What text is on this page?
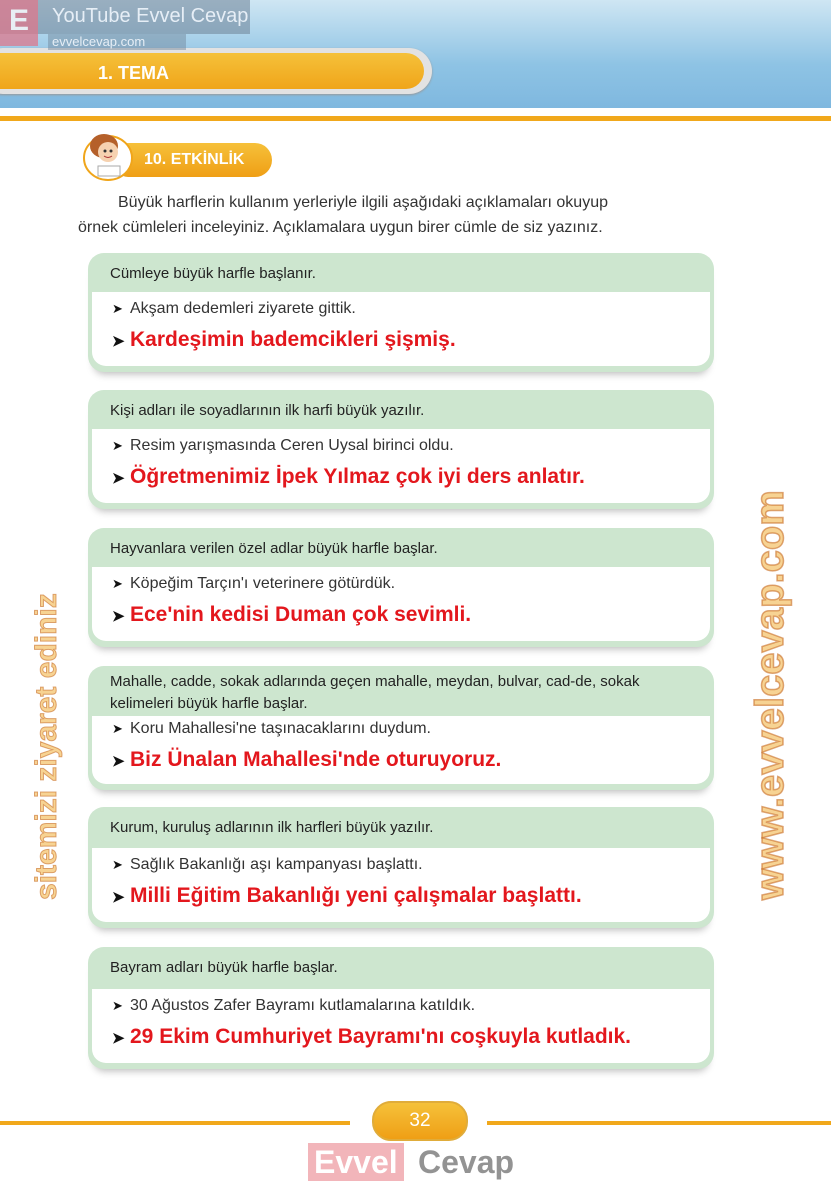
1. TEMA
YouTube Evvel Cevap
E
evvelcevap.com
10. ETKİNLİK
Büyük harflerin kullanım yerleriyle ilgili aşağıdaki açıklamaları okuyup
örnek cümleleri inceleyiniz. Açıklamalara uygun birer cümle de siz yazınız.
Cümleye büyük harfle başlanır.
➤ Akşam dedemleri ziyarete gittik.
➤ Kardeşimin bademcikleri şişmiş.
Kişi adları ile soyadlarının ilk harfi büyük yazılır.
➤ Resim yarışmasında Ceren Uysal birinci oldu.
➤ Öğretmenimiz İpek Yılmaz çok iyi ders anlatır.
Hayvanlara verilen özel adlar büyük harfle başlar.
➤ Köpeğim Tarçın'ı veterinere götürdük.
➤ Ece'nin kedisi Duman çok sevimli.
Mahalle, cadde, sokak adlarında geçen mahalle, meydan, bulvar, cad-de, sokak kelimeleri büyük harfle başlar.
➤ Koru Mahallesi'ne taşınacaklarını duydum.
➤ Biz Ünalan Mahallesi'nde oturuyoruz.
Kurum, kuruluş adlarının ilk harfleri büyük yazılır.
➤ Sağlık Bakanlığı aşı kampanyası başlattı.
➤ Milli Eğitim Bakanlığı yeni çalışmalar başlattı.
Bayram adları büyük harfle başlar.
➤ 30 Ağustos Zafer Bayramı kutlamalarına katıldık.
➤ 29 Ekim Cumhuriyet Bayramı'nı coşkuyla kutladık.
www.evvelcevap.com
sitemizi ziyaret ediniz
32
Evvel Cevap
